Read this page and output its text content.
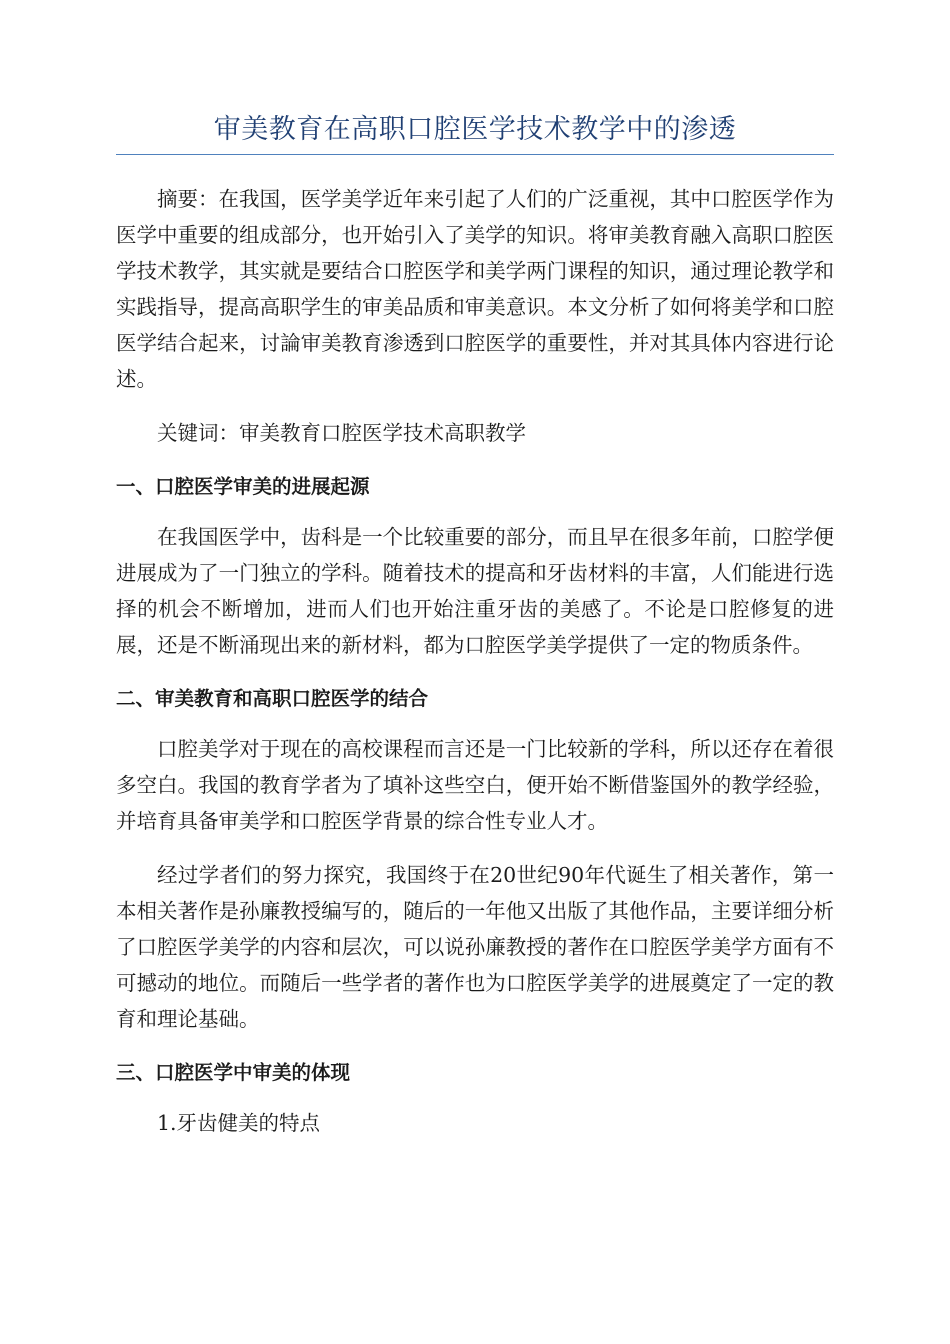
审美教育在高职口腔医学技术教学中的渗透

摘要：在我国，医学美学近年来引起了人们的广泛重视，其中口腔医学作为医学中重要的组成部分，也开始引入了美学的知识。将审美教育融入高职口腔医学技术教学，其实就是要结合口腔医学和美学两门课程的知识，通过理论教学和实践指导，提高高职学生的审美品质和审美意识。本文分析了如何将美学和口腔医学结合起来，讨論审美教育渗透到口腔医学的重要性，并对其具体内容进行论述。

关键词：审美教育口腔医学技术高职教学

一、口腔医学审美的进展起源

在我国医学中，齿科是一个比较重要的部分，而且早在很多年前，口腔学便进展成为了一门独立的学科。随着技术的提高和牙齿材料的丰富，人们能进行选择的机会不断增加，进而人们也开始注重牙齿的美感了。不论是口腔修复的进展，还是不断涌现出来的新材料，都为口腔医学美学提供了一定的物质条件。

二、审美教育和高职口腔医学的结合

口腔美学对于现在的高校课程而言还是一门比较新的学科，所以还存在着很多空白。我国的教育学者为了填补这些空白，便开始不断借鉴国外的教学经验，并培育具备审美学和口腔医学背景的综合性专业人才。

经过学者们的努力探究，我国终于在20世纪90年代诞生了相关著作，第一本相关著作是孙廉教授编写的，随后的一年他又出版了其他作品，主要详细分析了口腔医学美学的内容和层次，可以说孙廉教授的著作在口腔医学美学方面有不可撼动的地位。而随后一些学者的著作也为口腔医学美学的进展奠定了一定的教育和理论基础。

三、口腔医学中审美的体现

1.牙齿健美的特点
